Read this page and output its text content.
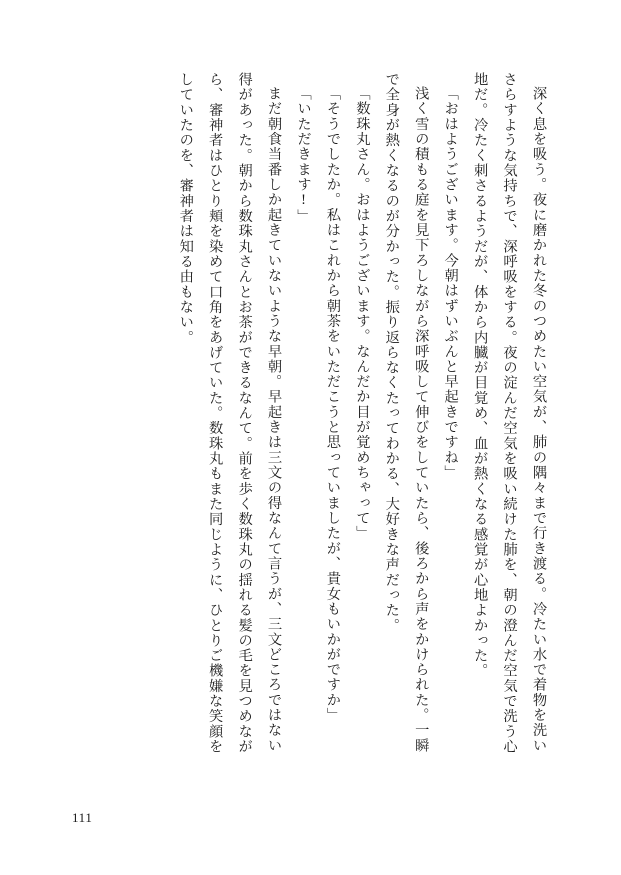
深く息を吸う。夜に磨かれた冬のつめたい空気が、肺の隅々まで行き渡る。冷たい水で着物を洗いさらすような気持ちで、深呼吸をする。夜の淀んだ空気を吸い続けた肺を、朝の澄んだ空気で洗う心地だ。冷たく刺さるようだが、体から内臓が目覚め、血が熱くなる感覚が心地よかった。

「おはようございます。今朝はずいぶんと早起きですね」

浅く雪の積もる庭を見下ろしながら深呼吸して伸びをしていたら、後ろから声をかけられた。一瞬で全身が熱くなるのが分かった。振り返らなくたってわかる、大好きな声だった。

「数珠丸さん。おはようございます。なんだか目が覚めちゃって」

「そうでしたか。私はこれから朝茶をいただこうと思っていましたが、貴女もいかがですか」

「いただきます!」

まだ朝食当番しか起きていないような早朝。早起きは三文の得なんて言うが、三文どころではない得があった。朝から数珠丸さんとお茶ができるなんて。前を歩く数珠丸の揺れる髪の毛を見つめながら、審神者はひとり頬を染めて口角をあげていた。数珠丸もまた同じように、ひとりご機嫌な笑顔をしていたのを、審神者は知る由もない。

111
